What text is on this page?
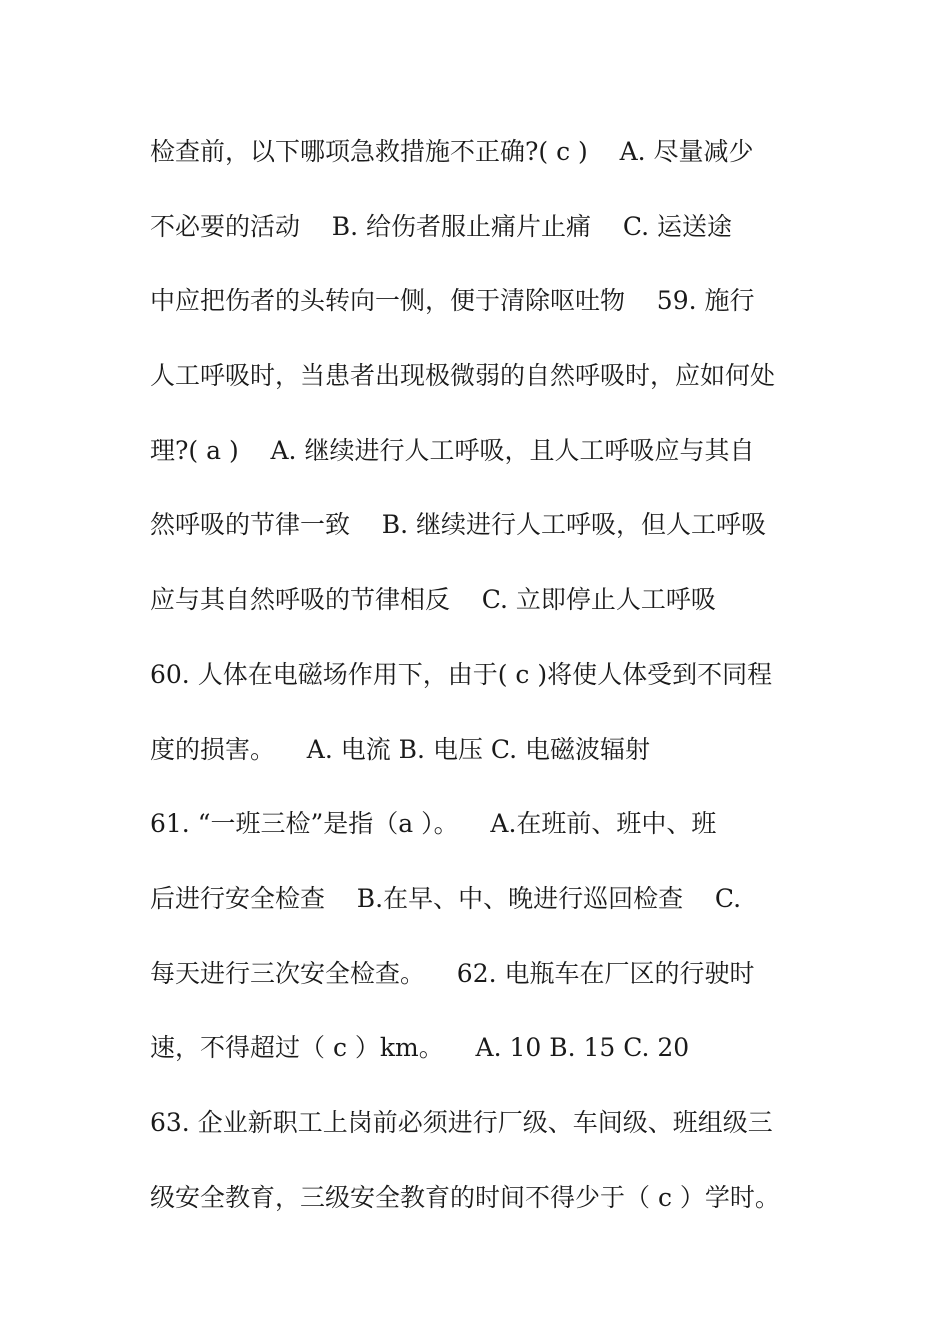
检查前，以下哪项急救措施不正确?( c )    A. 尽量减少
不必要的活动    B. 给伤者服止痛片止痛    C. 运送途
中应把伤者的头转向一侧，便于清除呕吐物    59. 施行
人工呼吸时，当患者出现极微弱的自然呼吸时，应如何处
理?( a )    A. 继续进行人工呼吸，且人工呼吸应与其自
然呼吸的节律一致    B. 继续进行人工呼吸，但人工呼吸
应与其自然呼吸的节律相反    C. 立即停止人工呼吸
60. 人体在电磁场作用下，由于( c )将使人体受到不同程
度的损害。    A. 电流 B. 电压 C. 电磁波辐射
61. “一班三检”是指（a ）。    A.在班前、班中、班
后进行安全检查    B.在早、中、晚进行巡回检查    C.
每天进行三次安全检查。    62. 电瓶车在厂区的行驶时
速，不得超过（ c ）km。    A. 10 B. 15 C. 20
63. 企业新职工上岗前必须进行厂级、车间级、班组级三
级安全教育，三级安全教育的时间不得少于（ c ）学时。
